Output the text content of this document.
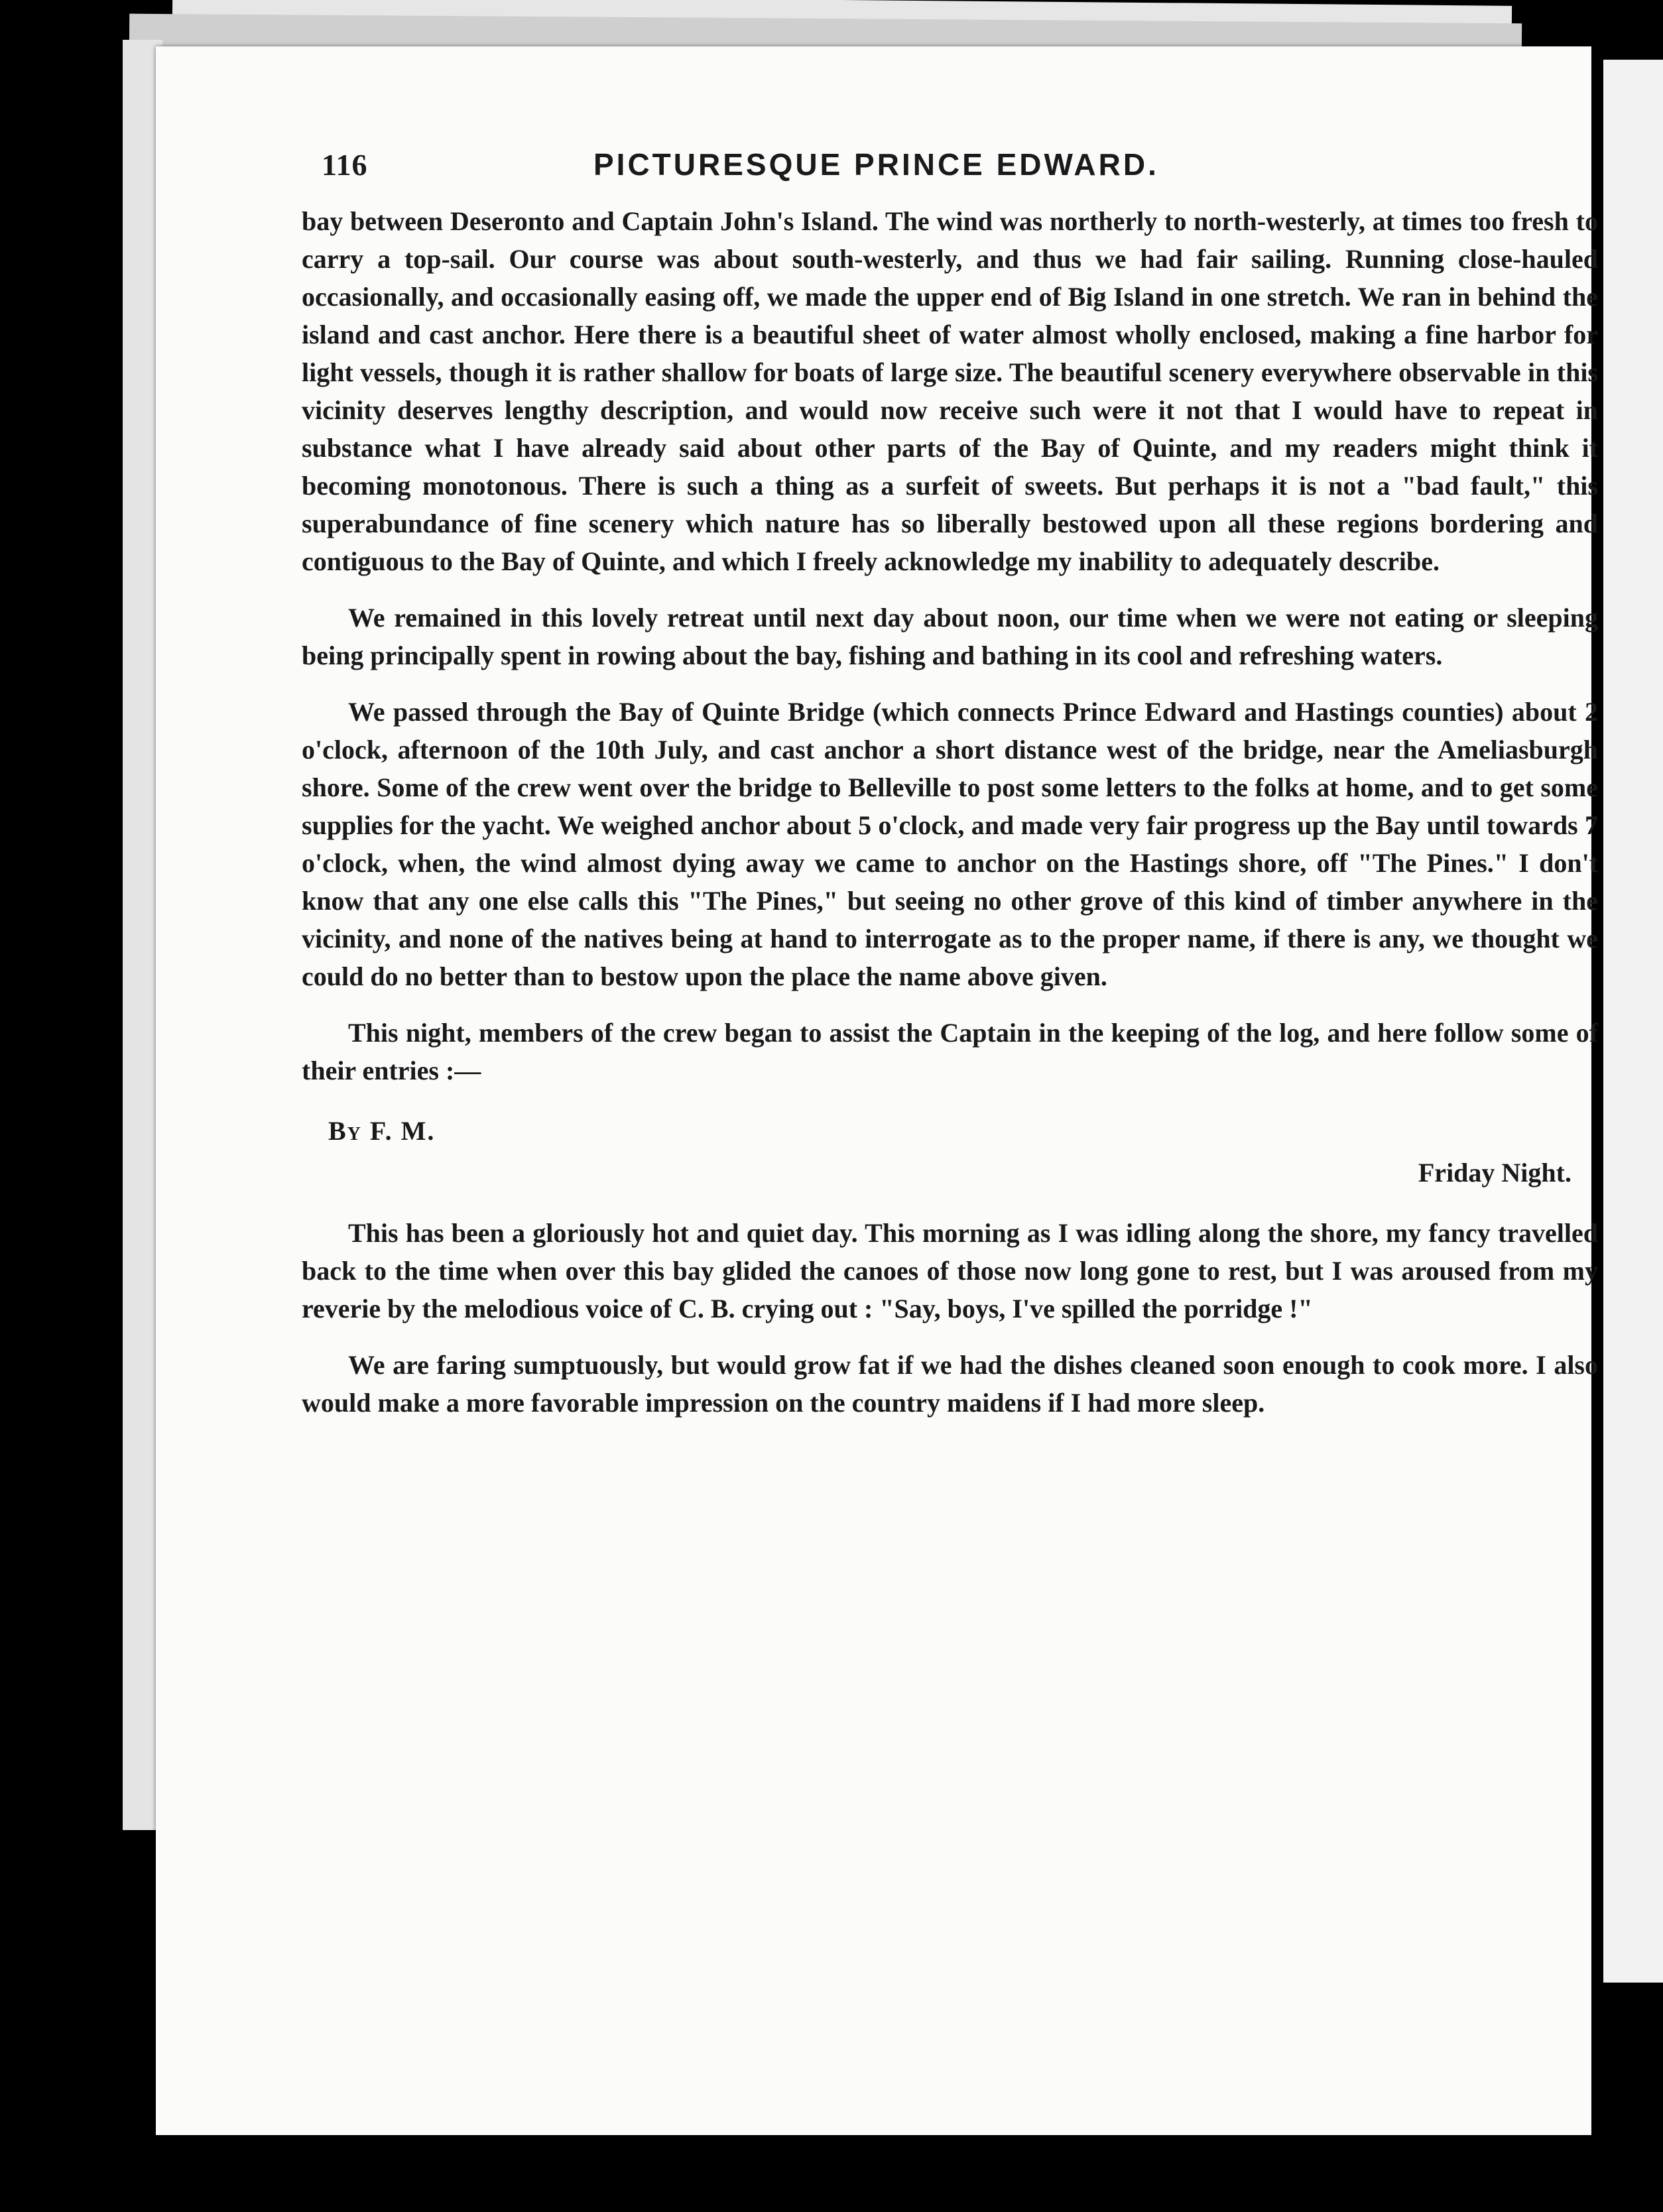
116	PICTURESQUE PRINCE EDWARD.

bay between Deseronto and Captain John's Island. The wind was northerly to north-westerly, at times too fresh to carry a top-sail. Our course was about south-westerly, and thus we had fair sailing. Running close-hauled occasionally, and occasionally easing off, we made the upper end of Big Island in one stretch. We ran in behind the island and cast anchor. Here there is a beautiful sheet of water almost wholly enclosed, making a fine harbor for light vessels, though it is rather shallow for boats of large size. The beautiful scenery everywhere observable in this vicinity deserves lengthy description, and would now receive such were it not that I would have to repeat in substance what I have already said about other parts of the Bay of Quinte, and my readers might think it becoming monotonous. There is such a thing as a surfeit of sweets. But perhaps it is not a "bad fault," this superabundance of fine scenery which nature has so liberally bestowed upon all these regions bordering and contiguous to the Bay of Quinte, and which I freely acknowledge my inability to adequately describe.

We remained in this lovely retreat until next day about noon, our time when we were not eating or sleeping being principally spent in rowing about the bay, fishing and bathing in its cool and refreshing waters.

We passed through the Bay of Quinte Bridge (which connects Prince Edward and Hastings counties) about 2 o'clock, afternoon of the 10th July, and cast anchor a short distance west of the bridge, near the Ameliasburgh shore. Some of the crew went over the bridge to Belleville to post some letters to the folks at home, and to get some supplies for the yacht. We weighed anchor about 5 o'clock, and made very fair progress up the Bay until towards 7 o'clock, when, the wind almost dying away we came to anchor on the Hastings shore, off "The Pines." I don't know that any one else calls this "The Pines," but seeing no other grove of this kind of timber anywhere in the vicinity, and none of the natives being at hand to interrogate as to the proper name, if there is any, we thought we could do no better than to bestow upon the place the name above given.

This night, members of the crew began to assist the Captain in the keeping of the log, and here follow some of their entries :—

By F. M.
Friday Night.

This has been a gloriously hot and quiet day. This morning as I was idling along the shore, my fancy travelled back to the time when over this bay glided the canoes of those now long gone to rest, but I was aroused from my reverie by the melodious voice of C. B. crying out : "Say, boys, I've spilled the porridge !"

We are faring sumptuously, but would grow fat if we had the dishes cleaned soon enough to cook more. I also would make a more favorable impression on the country maidens if I had more sleep.
